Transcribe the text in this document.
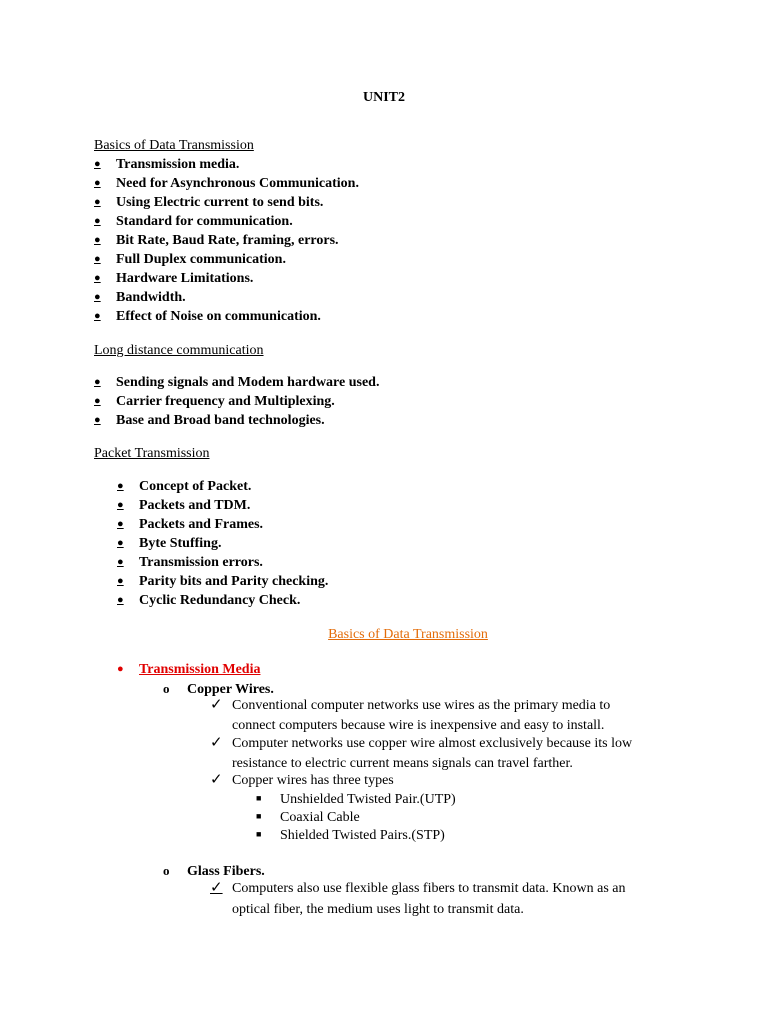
UNIT2
Basics of Data Transmission
● Transmission media.
● Need for Asynchronous Communication.
● Using Electric current to send bits.
● Standard for communication.
● Bit Rate, Baud Rate, framing, errors.
● Full Duplex communication.
● Hardware Limitations.
● Bandwidth.
● Effect of Noise on communication.
Long distance communication
● Sending signals and Modem hardware used.
● Carrier frequency and Multiplexing.
● Base and Broad band technologies.
Packet Transmission
● Concept of Packet.
● Packets and TDM.
● Packets and Frames.
● Byte Stuffing.
● Transmission errors.
● Parity bits and Parity checking.
● Cyclic Redundancy Check.
Basics of Data Transmission
● Transmission Media
o Copper Wires.
✓ Conventional computer networks use wires as the primary media to
connect computers because wire is inexpensive and easy to install.
✓ Computer networks use copper wire almost exclusively because its low
resistance to electric current means signals can travel farther.
✓ Copper wires has three types
■ Unshielded Twisted Pair.(UTP)
■ Coaxial Cable
■ Shielded Twisted Pairs.(STP)
o Glass Fibers.
✓ Computers also use flexible glass fibers to transmit data. Known as an
optical fiber, the medium uses light to transmit data.
